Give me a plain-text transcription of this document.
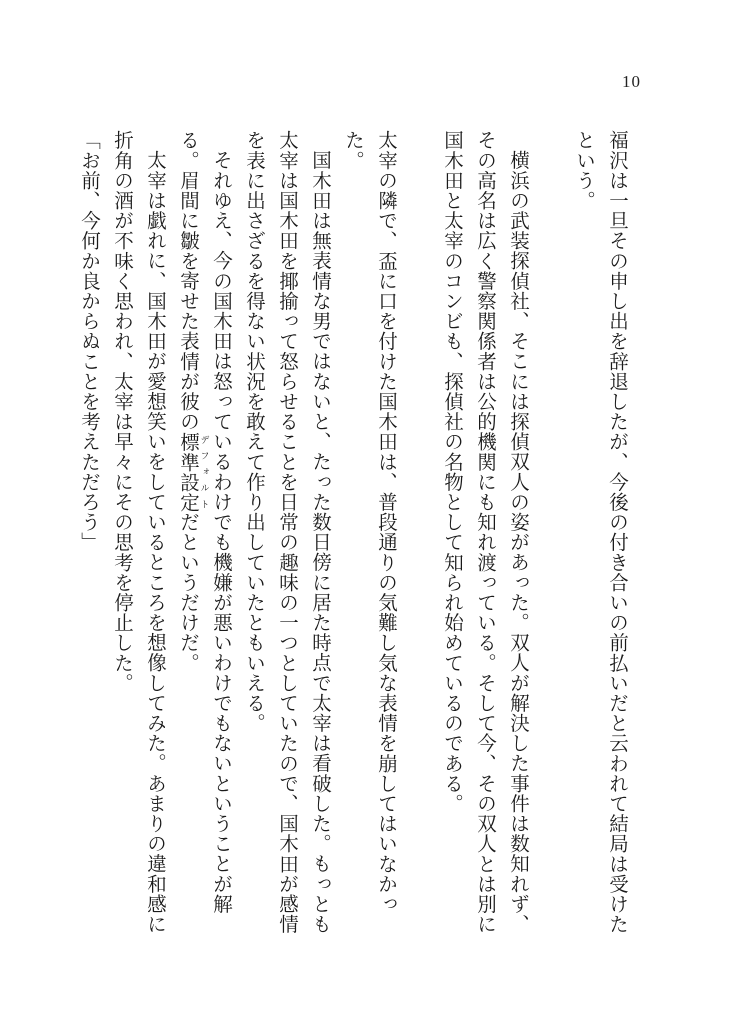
10

福沢は一旦その申し出を辞退したが、今後の付き合いの前払いだと云われて結局は受けたという。

横浜の武装探偵社、そこには探偵双人の姿があった。双人が解決した事件は数知れず、その高名は広く警察関係者は公的機関にも知れ渡っている。そして今、その双人とは別に国木田と太宰のコンビも、探偵社の名物として知られ始めているのである。

太宰の隣で、盃に口を付けた国木田は、普段通りの気難し気な表情を崩してはいなかった。

国木田は無表情な男ではないと、たった数日傍に居た時点で太宰は看破した。もっとも太宰は国木田を揶揄って怒らせることを日常の趣味の一つとしていたので、国木田が感情を表に出さざるを得ない状況を敢えて作り出していたともいえる。

それゆえ、今の国木田は怒っているわけでも機嫌が悪いわけでもないということが解る。眉間に皺を寄せた表情が彼の標準設定デフォルトだというだけだ。

太宰は戯れに、国木田が愛想笑いをしているところを想像してみた。あまりの違和感に折角の酒が不味く思われ、太宰は早々にその思考を停止した。

「お前、今何か良からぬことを考えただろう」
